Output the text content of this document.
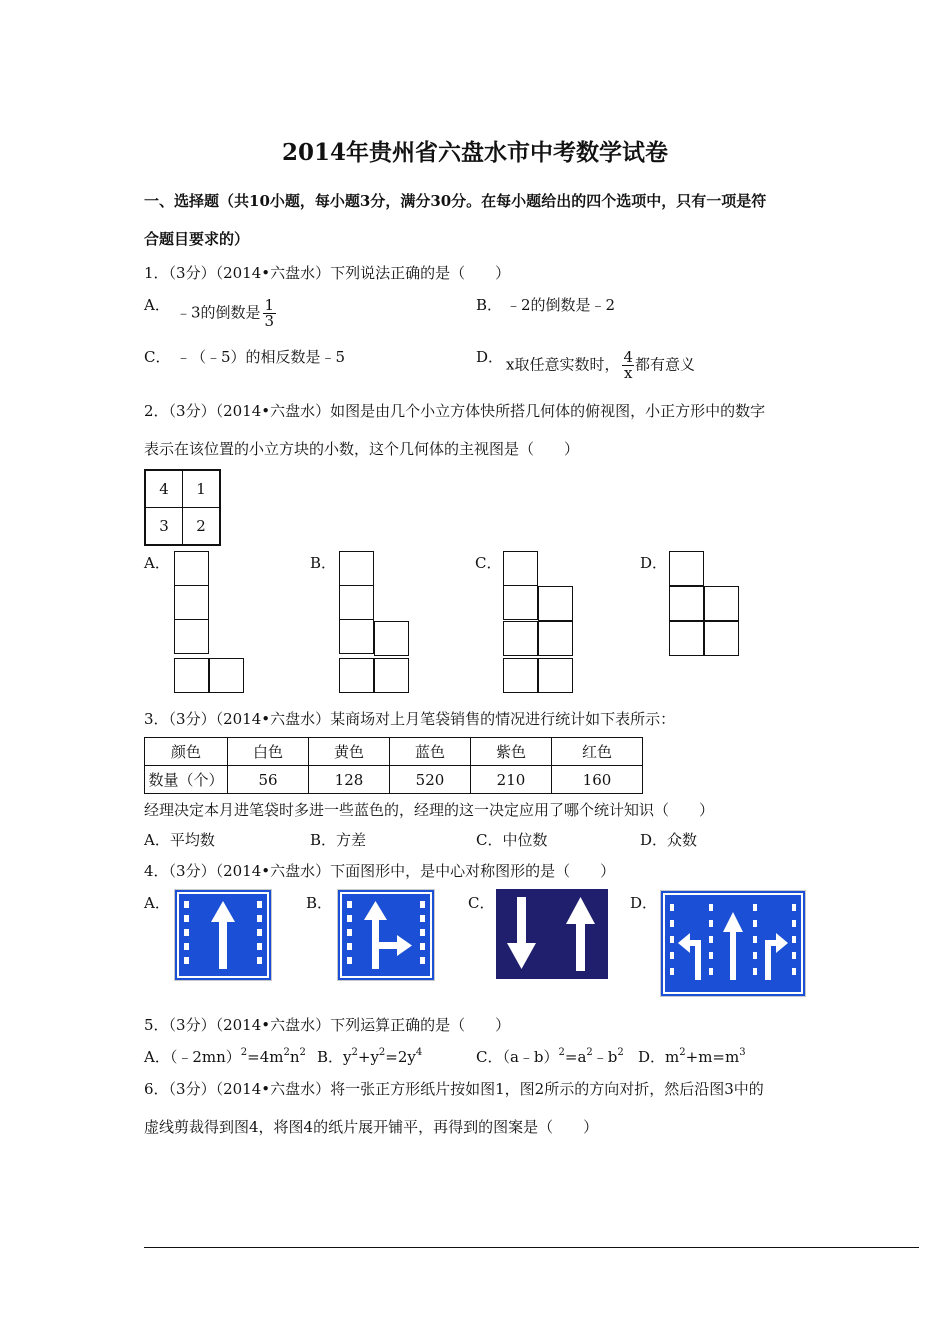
2014年贵州省六盘水市中考数学试卷
一、选择题（共10小题，每小题3分，满分30分。在每小题给出的四个选项中，只有一项是符
合题目要求的）
1．（3分）（2014•六盘水）下列说法正确的是（　　）
A． ﹣3的倒数是 $\frac{1}{3}$	B． ﹣2的倒数是﹣2
C． ﹣（﹣5）的相反数是﹣5	D． x取任意实数时， $\frac{4}{x}$ 都有意义
2．（3分）（2014•六盘水）如图是由几个小立方体快所搭几何体的俯视图，小正方形中的数字
表示在该位置的小立方块的小数，这个几何体的主视图是（　　）
4	1
3	2
A．	B．	C．	D．
3．（3分）（2014•六盘水）某商场对上月笔袋销售的情况进行统计如下表所示：
颜色	白色	黄色	蓝色	紫色	红色
数量（个）	56	128	520	210	160
经理决定本月进笔袋时多进一些蓝色的，经理的这一决定应用了哪个统计知识（　　）
A．平均数	B．方差	C．中位数	D．众数
4．（3分）（2014•六盘水）下面图形中，是中心对称图形的是（　　）
A．	B．	C．	D．
5．（3分）（2014•六盘水）下列运算正确的是（　　）
A．$(﹣2mn)^2=4m^2n^2$ B．$y^2+y^2=2y^4$	C．$(a﹣b)^2=a^2﹣b^2$ D．$m^2+m=m^3$
6．（3分）（2014•六盘水）将一张正方形纸片按如图1，图2所示的方向对折，然后沿图3中的
虚线剪裁得到图4，将图4的纸片展开铺平，再得到的图案是（　　）
